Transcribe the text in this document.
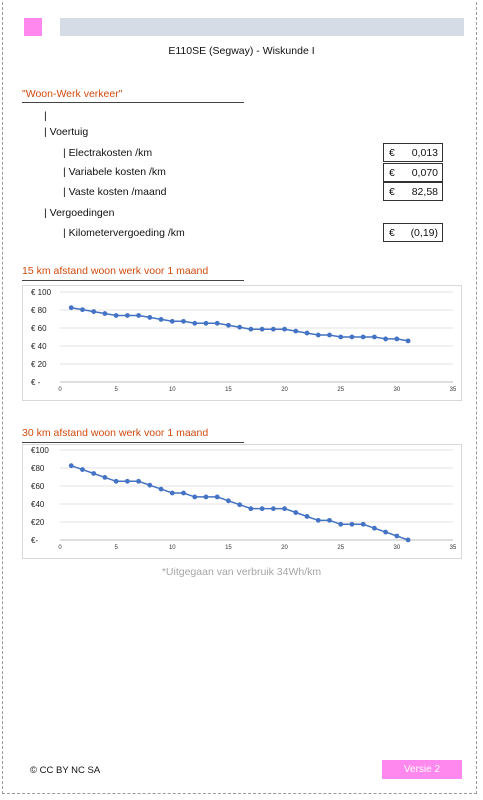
E110SE (Segway) - Wiskunde I
"Woon-Werk verkeer"
|
| Voertuig
| Electrakosten /km	€ 0,013
| Variabele kosten /km	€ 0,070
| Vaste kosten /maand	€ 82,58
| Vergoedingen
| Kilometervergoeding /km	€ (0,19)
15 km afstand woon werk voor 1 maand
€ -
€ 20
€ 40
€ 60
€ 80
€ 100
0	5	10	15	20	25	30	35
30 km afstand woon werk voor 1 maand
€-
€20
€40
€60
€80
€100
0	5	10	15	20	25	30	35
*Uitgegaan van verbruik 34Wh/km
© CC BY NC SA	Versie 2
